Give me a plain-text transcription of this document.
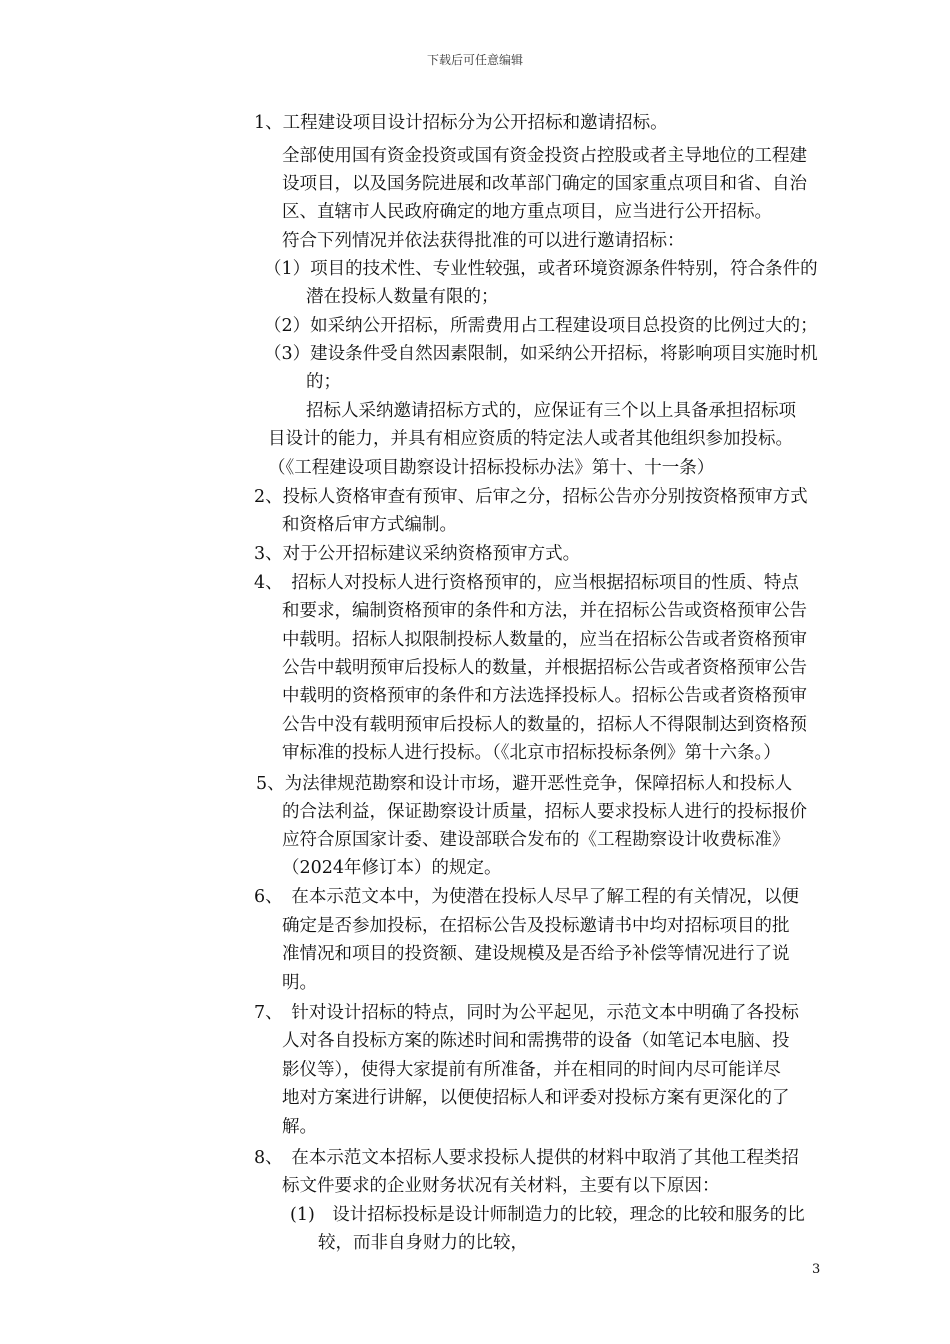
下载后可任意编辑
1、工程建设项目设计招标分为公开招标和邀请招标。
全部使用国有资金投资或国有资金投资占控股或者主导地位的工程建
设项目，以及国务院进展和改革部门确定的国家重点项目和省、自治
区、直辖市人民政府确定的地方重点项目，应当进行公开招标。
符合下列情况并依法获得批准的可以进行邀请招标：
（1）项目的技术性、专业性较强，或者环境资源条件特别，符合条件的
潜在投标人数量有限的；
（2）如采纳公开招标，所需费用占工程建设项目总投资的比例过大的；
（3）建设条件受自然因素限制，如采纳公开招标，将影响项目实施时机
的；
招标人采纳邀请招标方式的，应保证有三个以上具备承担招标项
目设计的能力，并具有相应资质的特定法人或者其他组织参加投标。
（《工程建设项目勘察设计招标投标办法》第十、十一条）
2、投标人资格审查有预审、后审之分，招标公告亦分别按资格预审方式
和资格后审方式编制。
3、对于公开招标建议采纳资格预审方式。
4、　招标人对投标人进行资格预审的，应当根据招标项目的性质、特点
和要求，编制资格预审的条件和方法，并在招标公告或资格预审公告
中载明。招标人拟限制投标人数量的，应当在招标公告或者资格预审
公告中载明预审后投标人的数量，并根据招标公告或者资格预审公告
中载明的资格预审的条件和方法选择投标人。招标公告或者资格预审
公告中没有载明预审后投标人的数量的，招标人不得限制达到资格预
审标准的投标人进行投标。（《北京市招标投标条例》第十六条。）
5、为法律规范勘察和设计市场，避开恶性竞争，保障招标人和投标人
的合法利益，保证勘察设计质量，招标人要求投标人进行的投标报价
应符合原国家计委、建设部联合发布的《工程勘察设计收费标准》
（2024年修订本）的规定。
6、　在本示范文本中，为使潜在投标人尽早了解工程的有关情况，以便
确定是否参加投标，在招标公告及投标邀请书中均对招标项目的批
准情况和项目的投资额、建设规模及是否给予补偿等情况进行了说
明。
7、　针对设计招标的特点，同时为公平起见，示范文本中明确了各投标
人对各自投标方案的陈述时间和需携带的设备（如笔记本电脑、投
影仪等），使得大家提前有所准备，并在相同的时间内尽可能详尽
地对方案进行讲解，以便使招标人和评委对投标方案有更深化的了
解。
8、　在本示范文本招标人要求投标人提供的材料中取消了其他工程类招
标文件要求的企业财务状况有关材料，主要有以下原因：
(1)　设计招标投标是设计师制造力的比较，理念的比较和服务的比
较，而非自身财力的比较，
3
